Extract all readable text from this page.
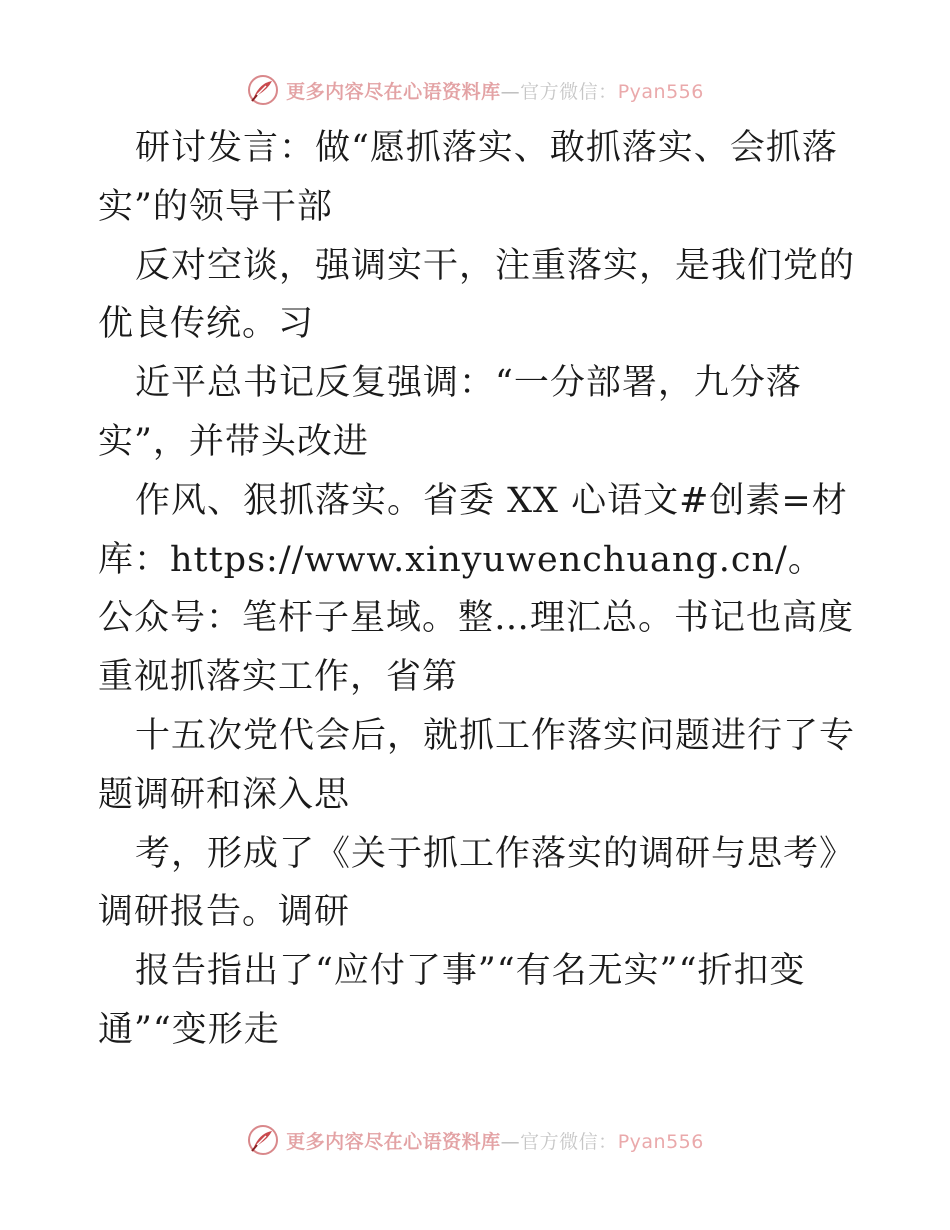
更多内容尽在心语资料库—官方微信：Pyan556

研讨发言：做“愿抓落实、敢抓落实、会抓落实”的领导干部

反对空谈，强调实干，注重落实，是我们党的优良传统。习

近平总书记反复强调：“一分部署，九分落实”，并带头改进

作风、狠抓落实。省委 XX 心语文#创素=材库：https://www.xinyuwenchuang.cn/。公众号：笔杆子星域。整…理汇总。书记也高度重视抓落实工作，省第

十五次党代会后，就抓工作落实问题进行了专题调研和深入思

考，形成了《关于抓工作落实的调研与思考》调研报告。调研

报告指出了“应付了事”“有名无实”“折扣变通”“变形走

更多内容尽在心语资料库—官方微信：Pyan556
